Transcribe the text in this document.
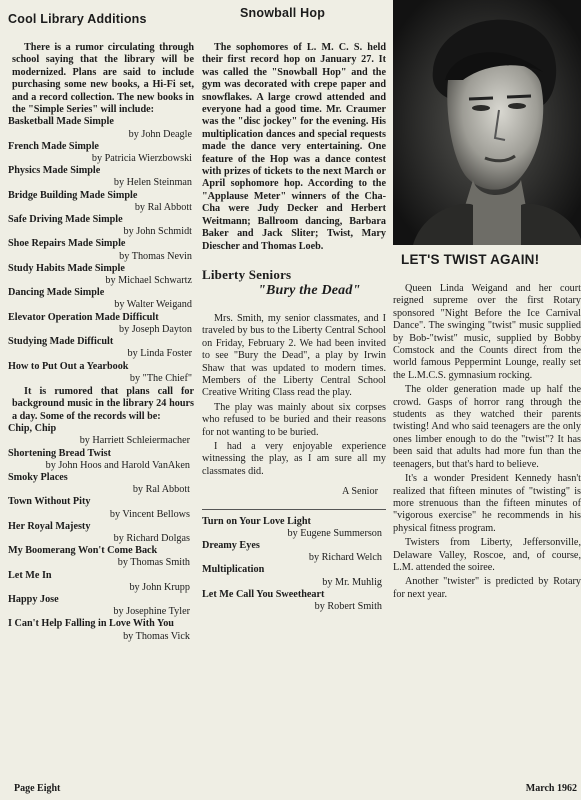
Cool Library Additions

There is a rumor circulating through school saying that the library will be modernized. Plans are said to include purchasing some new books, a Hi-Fi set, and a record collection. The new books in the "Simple Series" will include:

Basketball Made Simple
by John Deagle
French Made Simple
by Patricia Wierzbowski
Physics Made Simple
by Helen Steinman
Bridge Building Made Simple
by Ral Abbott
Safe Driving Made Simple
by John Schmidt
Shoe Repairs Made Simple
by Thomas Nevin
Study Habits Made Simple
by Michael Schwartz
Dancing Made Simple
by Walter Weigand
Elevator Operation Made Difficult
by Joseph Dayton
Studying Made Difficult
by Linda Foster
How to Put Out a Yearbook
by "The Chief"

It is rumored that plans call for background music in the library 24 hours a day. Some of the records will be:

Chip, Chip
by Harriett Schleiermacher
Shortening Bread Twist
by John Hoos and Harold VanAken
Smoky Places
by Ral Abbott
Town Without Pity
by Vincent Bellows
Her Royal Majesty
by Richard Dolgas
My Boomerang Won't Come Back
by Thomas Smith
Let Me In
by John Krupp
Happy Jose
by Josephine Tyler
I Can't Help Falling in Love With You
by Thomas Vick
Page Eight
Snowball Hop

The sophomores of L. M. C. S. held their first record hop on January 27. It was called the "Snowball Hop" and the gym was decorated with crepe paper and snowflakes. A large crowd attended and everyone had a good time. Mr. Craumer was the "disc jockey" for the evening. His multiplication dances and special requests made the dance very entertaining. One feature of the Hop was a dance contest with prizes of tickets to the next March or April sophomore hop. According to the "Applause Meter" winners of the Cha-Cha were Judy Decker and Herbert Weitmann; Ballroom dancing, Barbara Baker and Jack Sliter; Twist, Mary Diescher and Thomas Loeb.

Liberty Seniors
"Bury the Dead"

Mrs. Smith, my senior classmates, and I traveled by bus to the Liberty Central School on Friday, February 2. We had been invited to see "Bury the Dead", a play by Irwin Shaw that was updated to modern times. Members of the Liberty Central School Creative Writing Class read the play.

The play was mainly about six corpses who refused to be buried and their reasons for not wanting to be buried.

I had a very enjoyable experience witnessing the play, as I am sure all my classmates did.

A Senior

Turn on Your Love Light
by Eugene Summerson
Dreamy Eyes
by Richard Welch
Multiplication
by Mr. Muhlig
Let Me Call You Sweetheart
by Robert Smith
LET'S TWIST AGAIN!

Queen Linda Weigand and her court reigned supreme over the first Rotary sponsored "Night Before the Ice Carnival Dance". The swinging "twist" music supplied by Bob-"twist" music, supplied by Bobby Comstock and the Counts direct from the world famous Peppermint Lounge, really set the L.M.C.S. gymnasium rocking.

The older generation made up half the crowd. Gasps of horror rang through the students as they watched their parents twisting! And who said teenagers are the only ones limber enough to do the "twist"? It has been said that adults had more fun than the teenagers, but that's hard to believe.

It's a wonder President Kennedy hasn't realized that fifteen minutes of "twisting" is more strenuous than the fifteen minutes of "vigorous exercise" he recommends in his physical fitness program.

Twisters from Liberty, Jeffersonville, Delaware Valley, Roscoe, and, of course, L.M. attended the soiree.

Another "twister" is predicted by Rotary for next year.

March 1962
